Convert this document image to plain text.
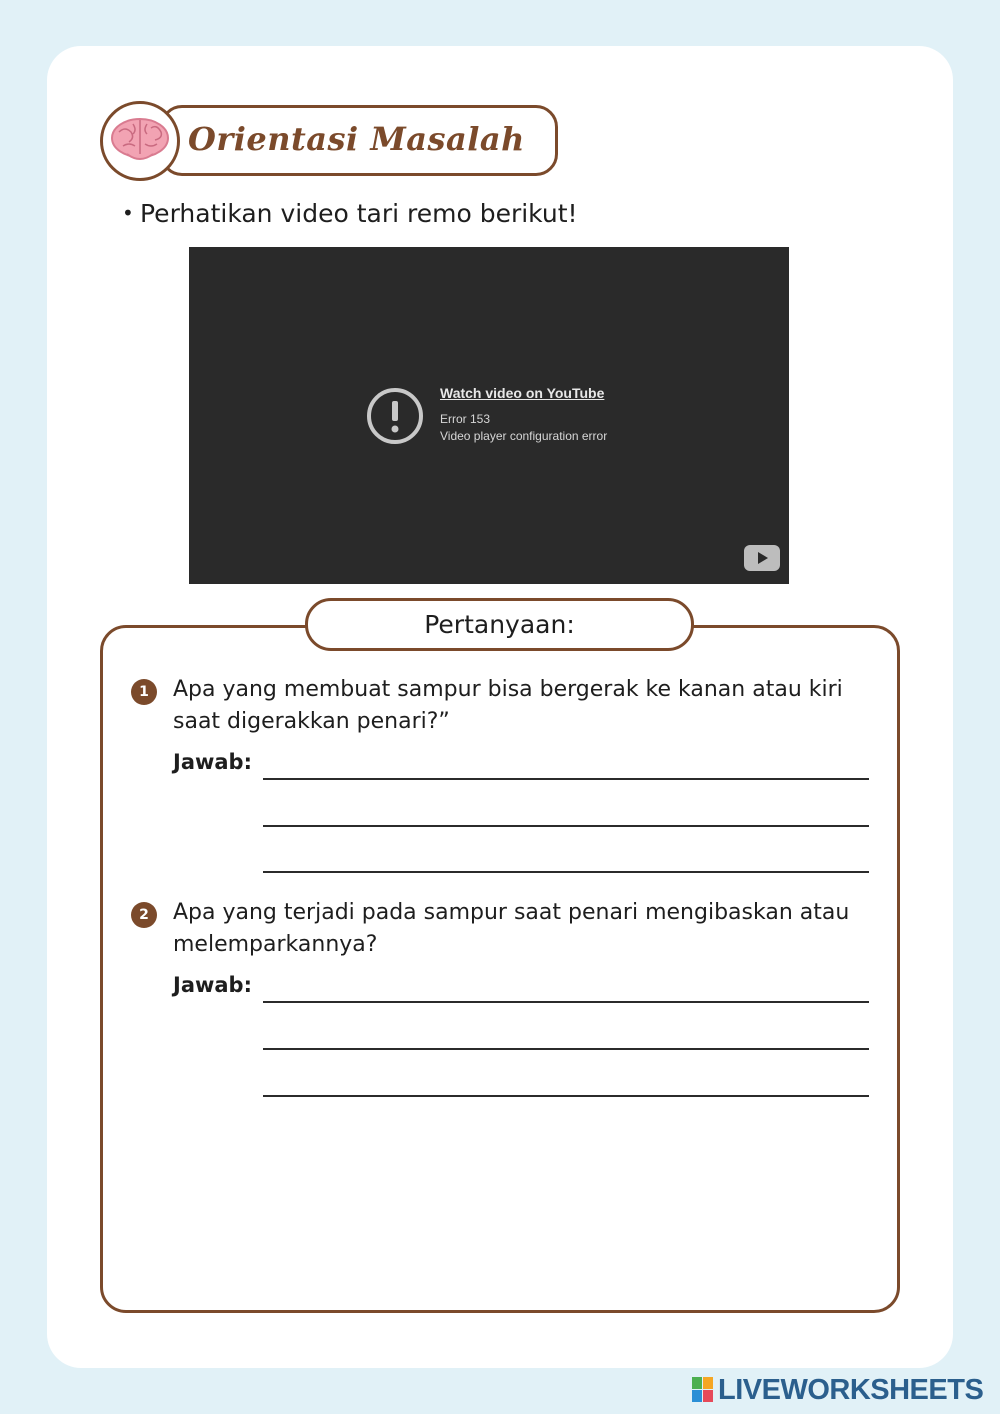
Orientasi Masalah
• Perhatikan video tari remo berikut!
Watch video on YouTube
Error 153
Video player configuration error
Pertanyaan:
1	Apa yang membuat sampur bisa bergerak ke kanan atau kiri saat digerakkan penari?”
Jawab:
2	Apa yang terjadi pada sampur saat penari mengibaskan atau melemparkannya?
Jawab:
LIVEWORKSHEETS
